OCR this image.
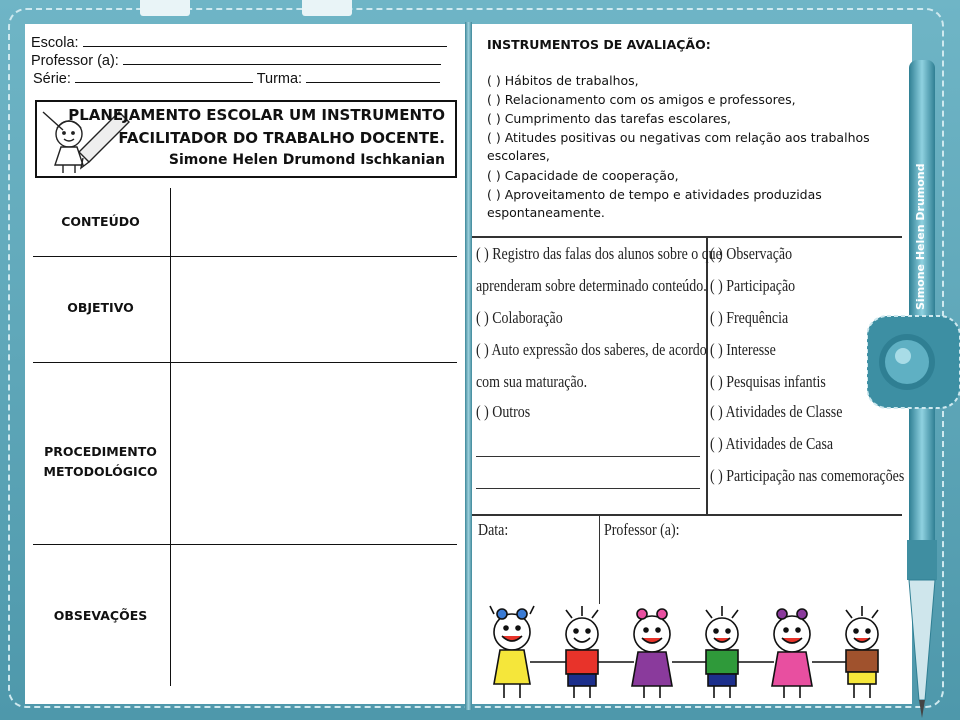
Escola:
Professor (a):
Série:	Turma:
PLANEJAMENTO ESCOLAR UM INSTRUMENTO
FACILITADOR DO TRABALHO DOCENTE.
Simone Helen Drumond Ischkanian
CONTEÚDO
OBJETIVO
PROCEDIMENTO METODOLÓGICO
OBSEVAÇÕES
INSTRUMENTOS DE AVALIAÇÃO:
( ) Hábitos de trabalhos,
( ) Relacionamento com os amigos e professores,
( ) Cumprimento das tarefas escolares,
( ) Atitudes positivas ou negativas com relação aos trabalhos escolares,
( ) Capacidade de cooperação,
( ) Aproveitamento de tempo e atividades produzidas espontaneamente.
( ) Registro das falas dos alunos sobre o que
aprenderam sobre determinado conteúdo.
( ) Colaboração
( ) Auto expressão dos saberes, de acordo
com sua maturação.
( ) Outros
( ) Observação
( ) Participação
( ) Frequência
( ) Interesse
( ) Pesquisas infantis
( ) Atividades de Classe
( ) Atividades de Casa
( ) Participação nas comemorações
Data:	Professor (a):
Simone Helen Drumond
